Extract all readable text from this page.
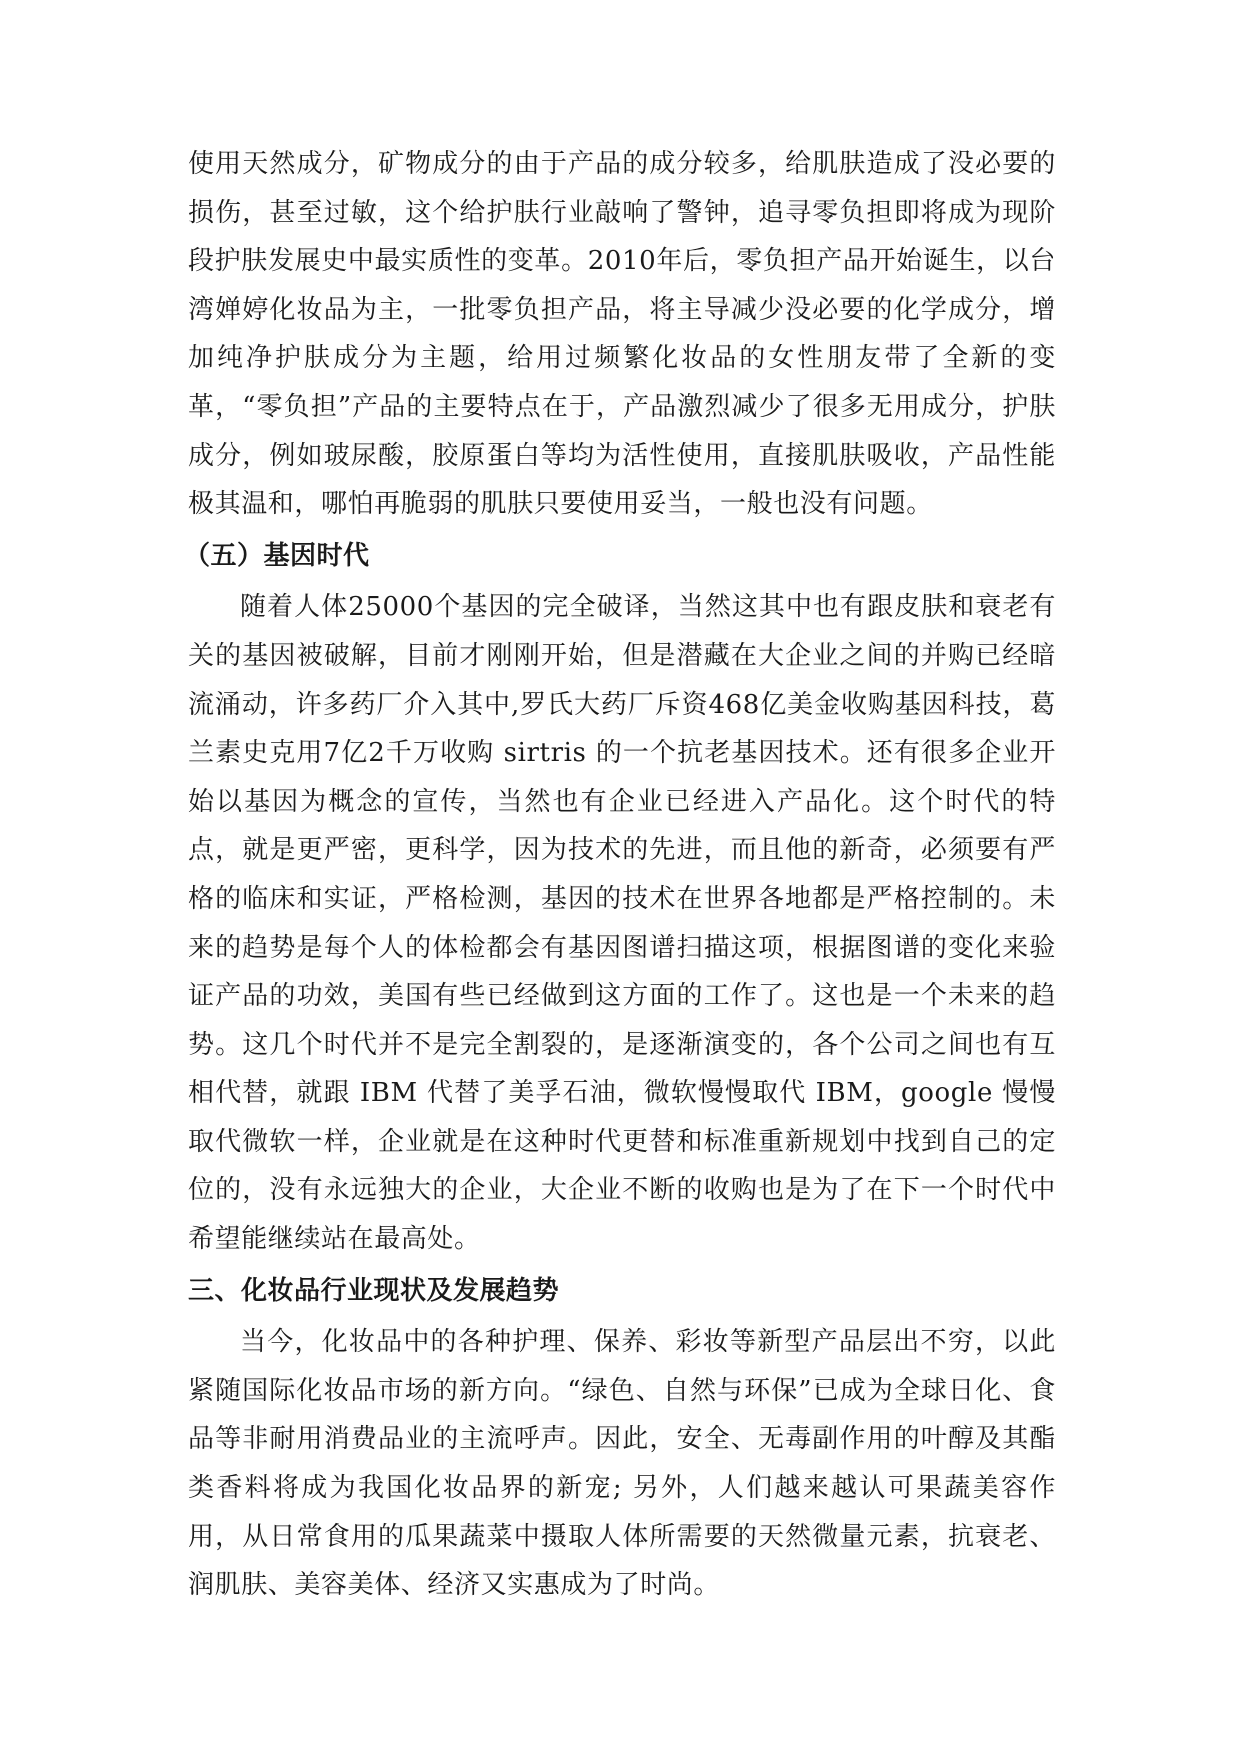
使用天然成分，矿物成分的由于产品的成分较多，给肌肤造成了没必要的损伤，甚至过敏，这个给护肤行业敲响了警钟，追寻零负担即将成为现阶段护肤发展史中最实质性的变革。2010年后，零负担产品开始诞生，以台湾婵婷化妆品为主，一批零负担产品，将主导减少没必要的化学成分，增加纯净护肤成分为主题，给用过频繁化妆品的女性朋友带了全新的变革，“零负担”产品的主要特点在于，产品激烈减少了很多无用成分，护肤成分，例如玻尿酸，胶原蛋白等均为活性使用，直接肌肤吸收，产品性能极其温和，哪怕再脆弱的肌肤只要使用妥当，一般也没有问题。

（五）基因时代

随着人体25000个基因的完全破译，当然这其中也有跟皮肤和衰老有关的基因被破解，目前才刚刚开始，但是潜藏在大企业之间的并购已经暗流涌动，许多药厂介入其中,罗氏大药厂斥资468亿美金收购基因科技，葛兰素史克用7亿2千万收购 sirtris 的一个抗老基因技术。还有很多企业开始以基因为概念的宣传，当然也有企业已经进入产品化。这个时代的特点，就是更严密，更科学，因为技术的先进，而且他的新奇，必须要有严格的临床和实证，严格检测，基因的技术在世界各地都是严格控制的。未来的趋势是每个人的体检都会有基因图谱扫描这项，根据图谱的变化来验证产品的功效，美国有些已经做到这方面的工作了。这也是一个未来的趋势。这几个时代并不是完全割裂的，是逐渐演变的，各个公司之间也有互相代替，就跟 IBM 代替了美孚石油，微软慢慢取代 IBM，google 慢慢取代微软一样，企业就是在这种时代更替和标准重新规划中找到自己的定位的，没有永远独大的企业，大企业不断的收购也是为了在下一个时代中希望能继续站在最高处。

三、化妆品行业现状及发展趋势

当今，化妆品中的各种护理、保养、彩妆等新型产品层出不穷，以此紧随国际化妆品市场的新方向。“绿色、自然与环保”已成为全球日化、食品等非耐用消费品业的主流呼声。因此，安全、无毒副作用的叶醇及其酯类香料将成为我国化妆品界的新宠; 另外，人们越来越认可果蔬美容作用，从日常食用的瓜果蔬菜中摄取人体所需要的天然微量元素，抗衰老、润肌肤、美容美体、经济又实惠成为了时尚。
